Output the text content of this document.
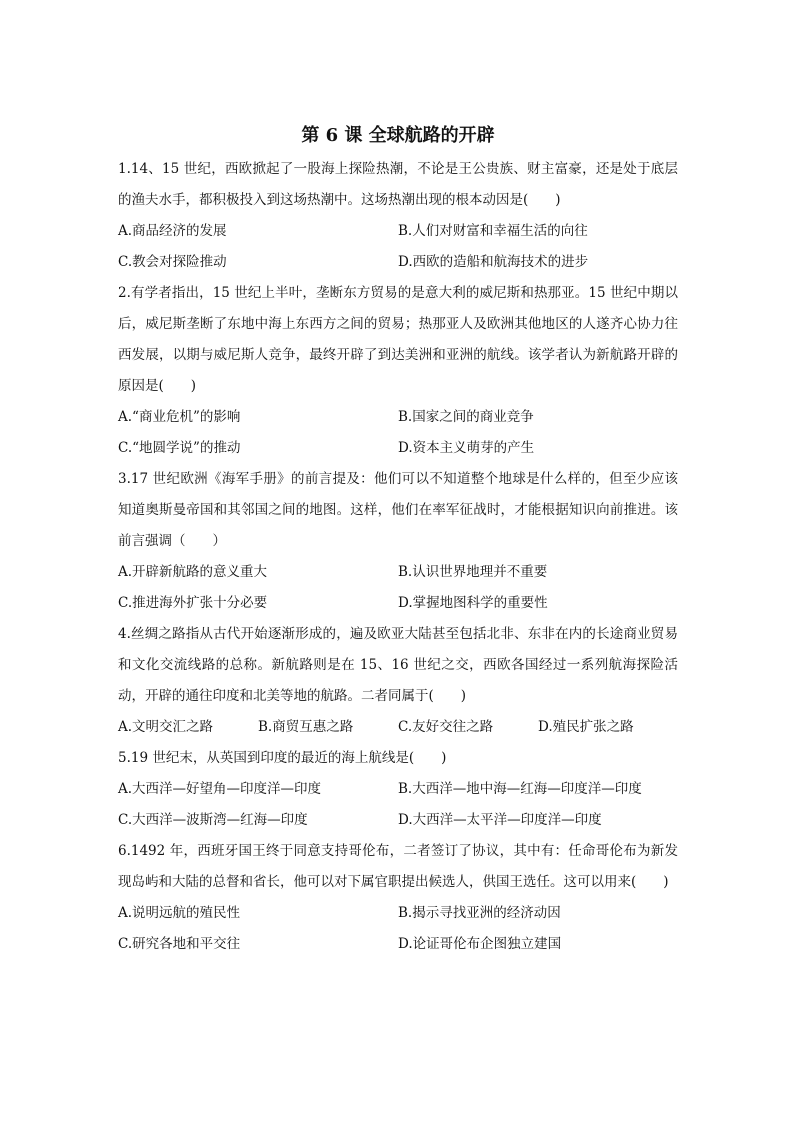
第 6 课 全球航路的开辟

1.14、15 世纪，西欧掀起了一股海上探险热潮，不论是王公贵族、财主富豪，还是处于底层的渔夫水手，都积极投入到这场热潮中。这场热潮出现的根本动因是(　　)

A.商品经济的发展	B.人们对财富和幸福生活的向往
C.教会对探险推动	D.西欧的造船和航海技术的进步

2.有学者指出，15 世纪上半叶，垄断东方贸易的是意大利的威尼斯和热那亚。15 世纪中期以后，威尼斯垄断了东地中海上东西方之间的贸易；热那亚人及欧洲其他地区的人遂齐心协力往西发展，以期与威尼斯人竞争，最终开辟了到达美洲和亚洲的航线。该学者认为新航路开辟的原因是(　　)

A.“商业危机”的影响	B.国家之间的商业竞争
C.“地圆学说”的推动	D.资本主义萌芽的产生

3.17 世纪欧洲《海军手册》的前言提及：他们可以不知道整个地球是什么样的，但至少应该知道奥斯曼帝国和其邻国之间的地图。这样，他们在率军征战时，才能根据知识向前推进。该前言强调（　　）

A.开辟新航路的意义重大	B.认识世界地理并不重要
C.推进海外扩张十分必要	D.掌握地图科学的重要性

4.丝绸之路指从古代开始逐渐形成的，遍及欧亚大陆甚至包括北非、东非在内的长途商业贸易和文化交流线路的总称。新航路则是在 15、16 世纪之交，西欧各国经过一系列航海探险活动，开辟的通往印度和北美等地的航路。二者同属于(　　)

A.文明交汇之路	B.商贸互惠之路	C.友好交往之路	D.殖民扩张之路

5.19 世纪末，从英国到印度的最近的海上航线是(　　)

A.大西洋—好望角—印度洋—印度	B.大西洋—地中海—红海—印度洋—印度
C.大西洋—波斯湾—红海—印度	D.大西洋—太平洋—印度洋—印度

6.1492 年，西班牙国王终于同意支持哥伦布，二者签订了协议，其中有：任命哥伦布为新发现岛屿和大陆的总督和省长，他可以对下属官职提出候选人，供国王选任。这可以用来(　　)

A.说明远航的殖民性	B.揭示寻找亚洲的经济动因
C.研究各地和平交往	D.论证哥伦布企图独立建国
